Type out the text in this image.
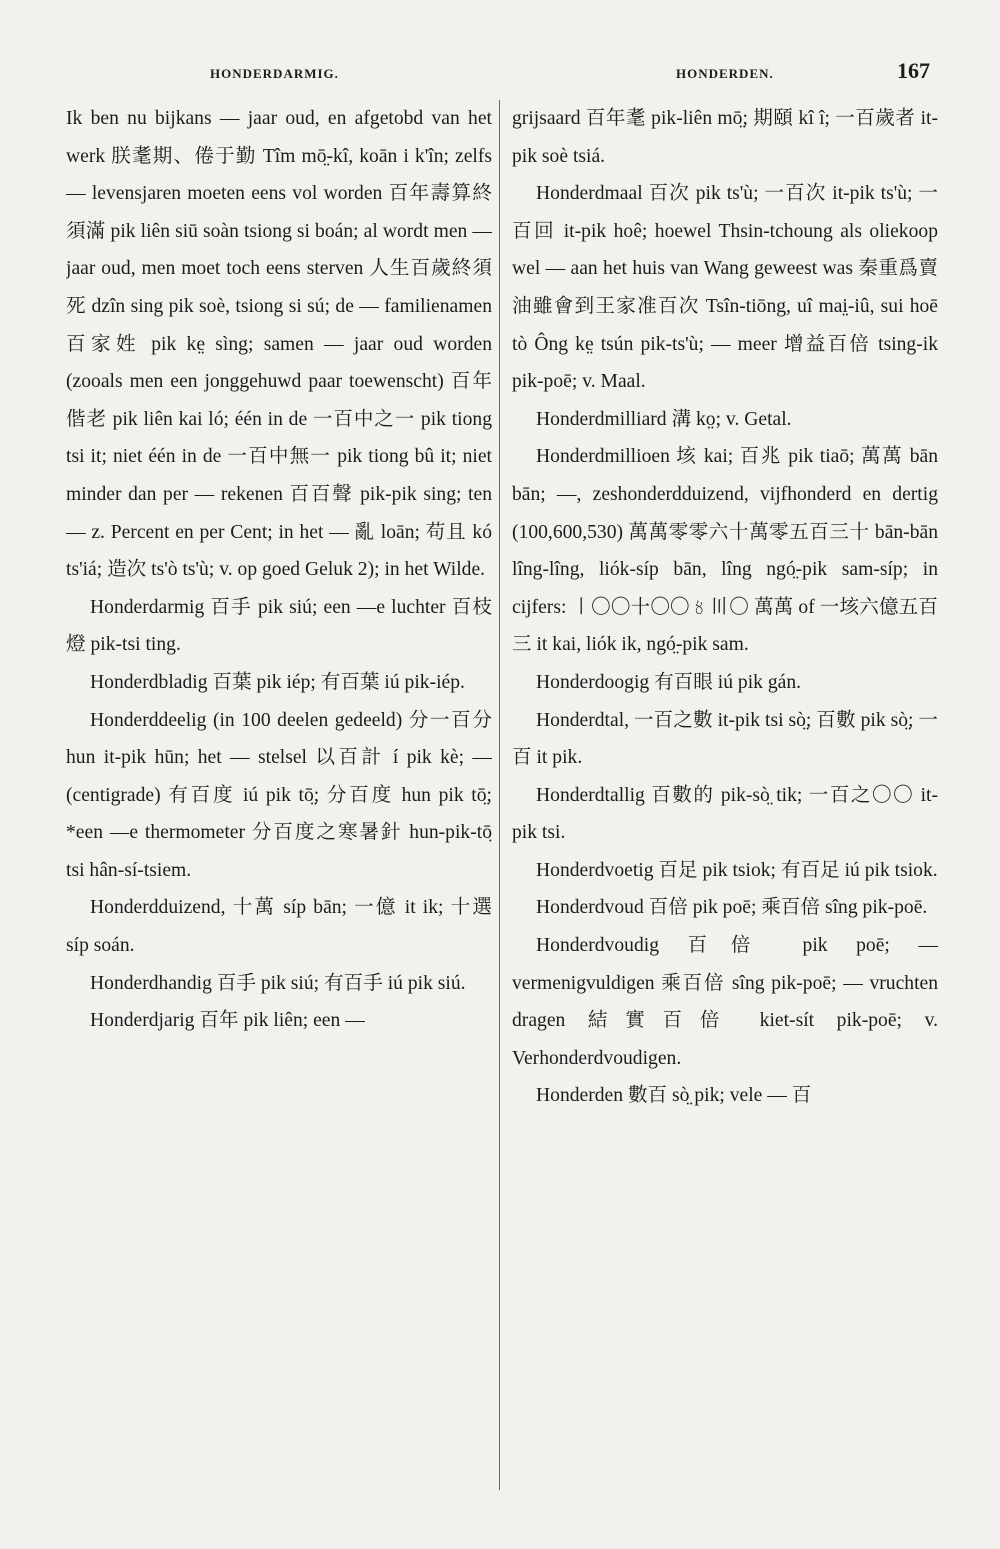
HONDERDARMIG.	HONDERDEN.	167

Ik ben nu bijkans — jaar oud, en afgetobd van het werk 朕耄期、倦于勤 Tîm mō̤-kî, koān i k'în; zelfs — levensjaren moeten eens vol worden 百年壽算終須滿 pik liên siū soàn tsiong si boán; al wordt men — jaar oud, men moet toch eens sterven 人生百歲終須死 dzîn sing pik soè, tsiong si sú; de — familienamen 百家姓 pik ke̤ sìng; samen — jaar oud worden (zooals men een jonggehuwd paar toewenscht) 百年偕老 pik liên kai ló; één in de 一百中之一 pik tiong tsi it; niet één in de 一百中無一 pik tiong bû it; niet minder dan per — rekenen 百百聲 pik-pik sing; ten — z. Percent en per Cent; in het — 亂 loān; 苟且 kó ts'iá; 造次 ts'ò ts'ù; v. op goed Geluk 2); in het Wilde.

Honderdarmig 百手 pik siú; een —e luchter 百枝燈 pik-tsi ting.

Honderdbladig 百葉 pik iép; 有百葉 iú pik-iép.

Honderddeelig (in 100 deelen gedeeld) 分一百分 hun it-pik hūn; het — stelsel 以百計 í pik kè; — (centigrade) 有百度 iú pik tō̤; 分百度 hun pik tō̤; *een —e thermometer 分百度之寒暑針 hun-pik-tō̤ tsi hân-sí-tsiem.

Honderdduizend, 十萬 síp bān; 一億 it ik; 十選 síp soán.

Honderdhandig 百手 pik siú; 有百手 iú pik siú.

Honderdjarig 百年 pik liên; een —

grijsaard 百年耄 pik-liên mō̤; 期頤 kî î; 一百歲者 it-pik soè tsiá.

Honderdmaal 百次 pik ts'ù; 一百次 it-pik ts'ù; 一百回 it-pik hoê; hoewel Thsin-tchoung als oliekoop wel — aan het huis van Wang geweest was 秦重爲賣油雖會到王家准百次 Tsîn-tiōng, uî mai̤-iû, sui hoē tò Ông ke̤ tsún pik-ts'ù; — meer 增益百倍 tsing-ik pik-poē; v. Maal.

Honderdmilliard 溝 ko̤; v. Getal.

Honderdmillioen 垓 kai; 百兆 pik tiaō; 萬萬 bān bān; —, zeshonderdduizend, vijfhonderd en dertig (100,600,530) 萬萬零零六十萬零五百三十 bān-bān lîng-lîng, liók-síp bān, lîng ngó̤-pik sam-síp; in cijfers: 〡〇〇〸〇〇〥〣〇 萬萬 of 一垓六億五百三 it kai, liók ik, ngó̤-pik sam.

Honderdoogig 有百眼 iú pik gán.

Honderdtal, 一百之數 it-pik tsi sò̤; 百數 pik sò̤; 一百 it pik.

Honderdtallig 百數的 pik-sò̤ tik; 一百之〇〇 it-pik tsi.

Honderdvoetig 百足 pik tsiok; 有百足 iú pik tsiok.

Honderdvoud 百倍 pik poē; 乘百倍 sîng pik-poē.

Honderdvoudig 百倍 pik poē; — vermenigvuldigen 乘百倍 sîng pik-poē; — vruchten dragen 結實百倍 kiet-sít pik-poē; v. Verhonderdvoudigen.

Honderden 數百 sò̤ pik; vele — 百
